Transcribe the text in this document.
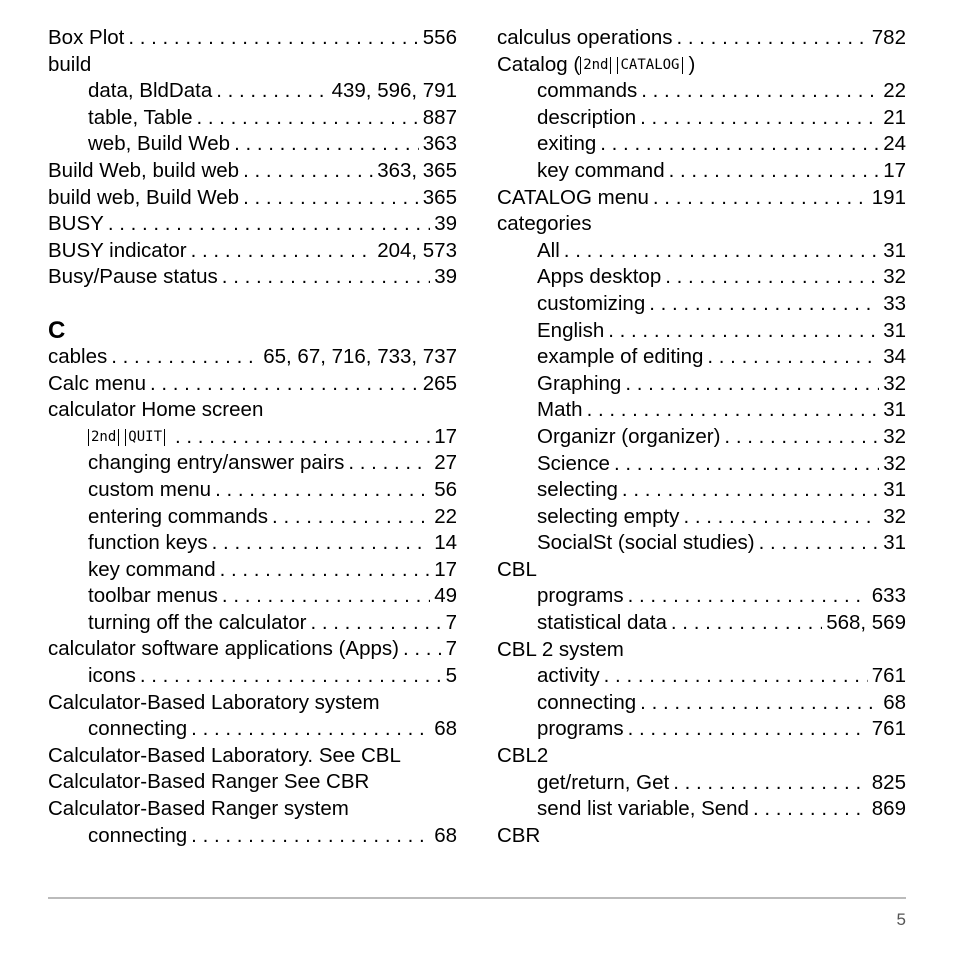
Box Plot . . .	556
build
data, BldData . . .	439, 596, 791
table, Table . . .	887
web, Build Web . . .	363
Build Web, build web . . .	363, 365
build web, Build Web . . .	365
BUSY . . .	39
BUSY indicator . . .	204, 573
Busy/Pause status . . .	39
C
cables . . .	65, 67, 716, 733, 737
Calc menu . . .	265
calculator Home screen
2nd QUIT . . .	17
changing entry/answer pairs . . .	27
custom menu . . .	56
entering commands . . .	22
function keys . . .	14
key command . . .	17
toolbar menus . . .	49
turning off the calculator . . .	7
calculator software applications (Apps) . . . 7
icons . . .	5
Calculator-Based Laboratory system
connecting . . .	68
Calculator-Based Laboratory. See CBL
Calculator-Based Ranger See CBR
Calculator-Based Ranger system
connecting . . .	68
calculus operations . . .	782
Catalog ( 2nd CATALOG )
commands . . .	22
description . . .	21
exiting . . .	24
key command . . .	17
CATALOG menu . . .	191
categories
All . . .	31
Apps desktop . . .	32
customizing . . .	33
English . . .	31
example of editing . . .	34
Graphing . . .	32
Math . . .	31
Organizr (organizer) . . .	32
Science . . .	32
selecting . . .	31
selecting empty . . .	32
SocialSt (social studies) . . .	31
CBL
programs . . .	633
statistical data . . .	568, 569
CBL 2 system
activity . . .	761
connecting . . .	68
programs . . .	761
CBL2
get/return, Get . . .	825
send list variable, Send . . .	869
CBR
5
